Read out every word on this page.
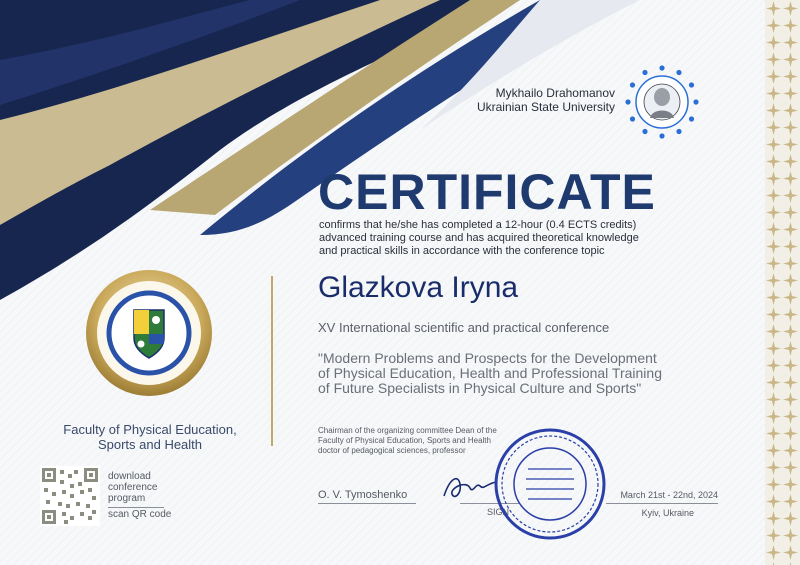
Mykhailo Drahomanov
Ukrainian State University
CERTIFICATE
confirms that he/she has completed a 12-hour (0.4 ECTS credits)
advanced training course and has acquired theoretical knowledge
and practical skills in accordance with the conference topic
Faculty of Physical Education,
Sports and Health
Glazkova Iryna
XV International scientific and practical conference
"Modern Problems and Prospects for the Development
of Physical Education, Health and Professional Training
of Future Specialists in Physical Culture and Sports"
Chairman of the organizing committee Dean of the
Faculty of Physical Education, Sports and Health
doctor of pedagogical sciences, professor
O. V. Tymoshenko
SIGN
March 21st - 22nd, 2024
Kyiv, Ukraine
download
conference
program
scan QR code
